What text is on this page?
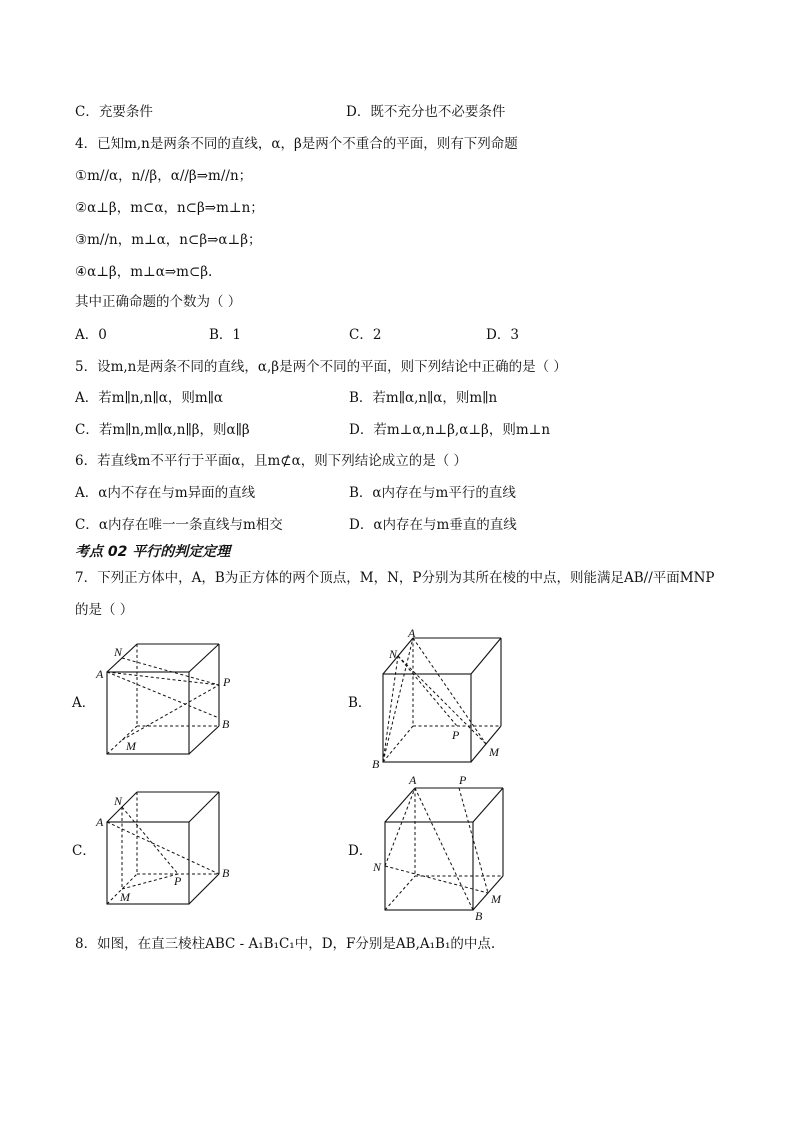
C．充要条件	D．既不充分也不必要条件
4．已知m,n是两条不同的直线，α，β是两个不重合的平面，则有下列命题
①m//α，n//β，α//β⇒m//n；
②α⊥β，m⊂α，n⊂β⇒m⊥n；
③m//n，m⊥α，n⊂β⇒α⊥β；
④α⊥β，m⊥α⇒m⊂β.
其中正确命题的个数为（ ）
A．0	B．1	C．2	D．3
5．设m,n是两条不同的直线，α,β是两个不同的平面，则下列结论中正确的是（ ）
A．若m∥n,n∥α，则m∥α	B．若m∥α,n∥α，则m∥n
C．若m∥n,m∥α,n∥β，则α∥β	D．若m⊥α,n⊥β,α⊥β，则m⊥n
6．若直线m不平行于平面α，且m⊄α，则下列结论成立的是（ ）
A．α内不存在与m异面的直线	B．α内存在与m平行的直线
C．α内存在唯一一条直线与m相交	D．α内存在与m垂直的直线
考点 02 平行的判定定理
7．下列正方体中，A，B为正方体的两个顶点，M，N，P分别为其所在棱的中点，则能满足AB//平面MNP
的是（ ）
A．	B．
C．	D．
N
A
P
B
M
A
N
P
M
B
N
A
P
B
M
A	P
N
M
B
8．如图，在直三棱柱ABC - A₁B₁C₁中，D，F分别是AB,A₁B₁的中点.
